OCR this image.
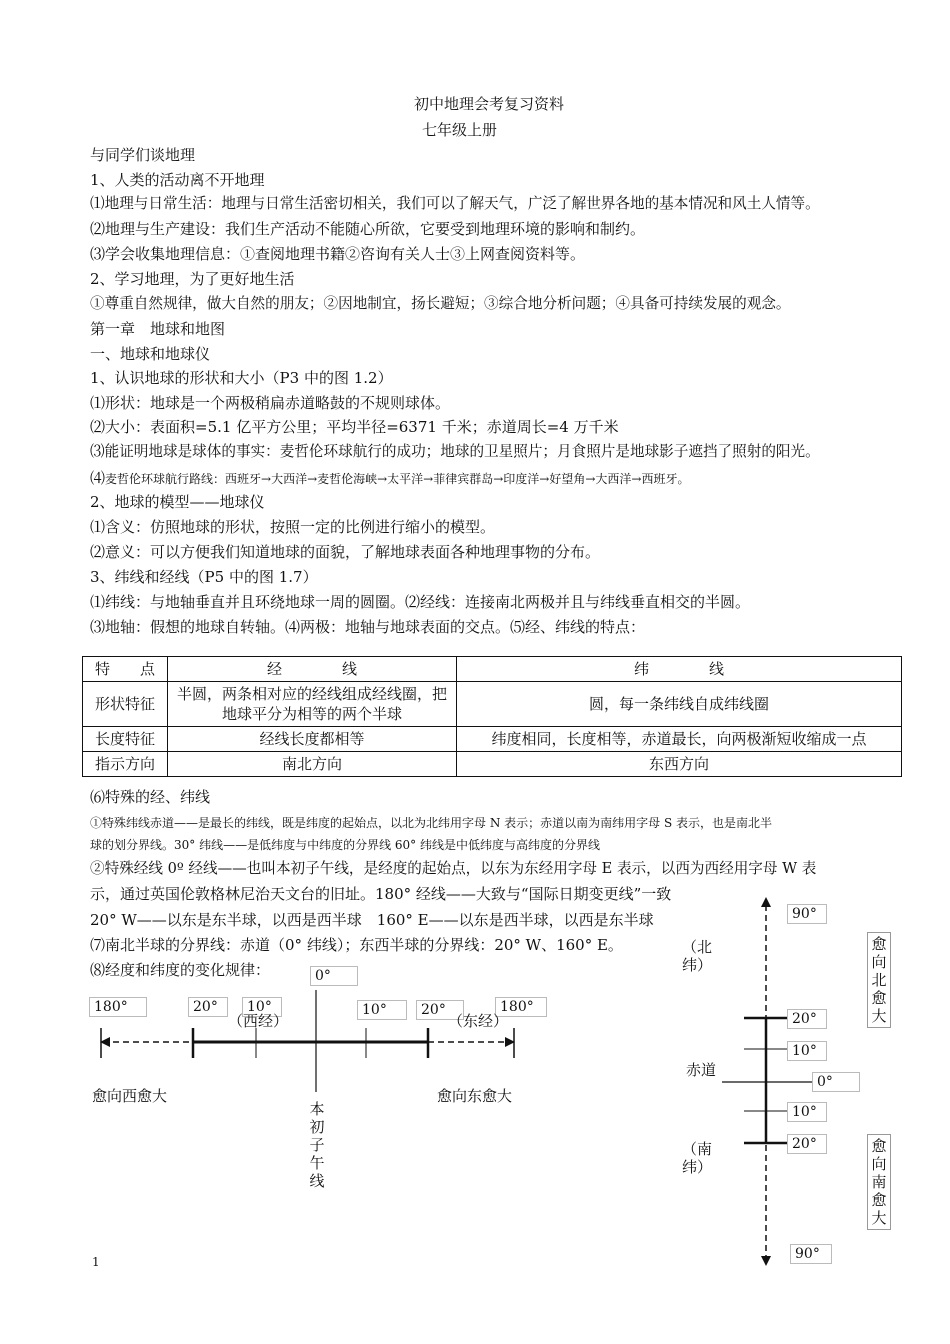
初中地理会考复习资料
七年级上册
与同学们谈地理
1、人类的活动离不开地理
⑴地理与日常生活：地理与日常生活密切相关，我们可以了解天气，广泛了解世界各地的基本情况和风土人情等。
⑵地理与生产建设：我们生产活动不能随心所欲，它要受到地理环境的影响和制约。
⑶学会收集地理信息：①查阅地理书籍②咨询有关人士③上网查阅资料等。
2、学习地理，为了更好地生活
①尊重自然规律，做大自然的朋友；②因地制宜，扬长避短；③综合地分析问题；④具备可持续发展的观念。
第一章　地球和地图
一、地球和地球仪
1、认识地球的形状和大小（P3 中的图 1.2）
⑴形状：地球是一个两极稍扁赤道略鼓的不规则球体。
⑵大小：表面积=5.1 亿平方公里；平均半径=6371 千米；赤道周长=4 万千米
⑶能证明地球是球体的事实：麦哲伦环球航行的成功；地球的卫星照片；月食照片是地球影子遮挡了照射的阳光。
⑷麦哲伦环球航行路线：西班牙→大西洋→麦哲伦海峡→太平洋→菲律宾群岛→印度洋→好望角→大西洋→西班牙。
2、地球的模型——地球仪
⑴含义：仿照地球的形状，按照一定的比例进行缩小的模型。
⑵意义：可以方便我们知道地球的面貌，了解地球表面各种地理事物的分布。
3、纬线和经线（P5 中的图 1.7）
⑴纬线：与地轴垂直并且环绕地球一周的圆圈。⑵经线：连接南北两极并且与纬线垂直相交的半圆。
⑶地轴：假想的地球自转轴。⑷两极：地轴与地球表面的交点。⑸经、纬线的特点：
特　　点	经　　　　线	纬　　　　线
形状特征	半圆，两条相对应的经线组成经线圈，把地球平分为相等的两个半球	圆，每一条纬线自成纬线圈
长度特征	经线长度都相等	纬度相同，长度相等，赤道最长，向两极渐短收缩成一点
指示方向	南北方向	东西方向
⑹特殊的经、纬线
①特殊纬线赤道——是最长的纬线，既是纬度的起始点，以北为北纬用字母 N 表示；赤道以南为南纬用字母 S 表示，也是南北半
球的划分界线。30° 纬线——是低纬度与中纬度的分界线 60° 纬线是中低纬度与高纬度的分界线
②特殊经线 0º 经线——也叫本初子午线，是经度的起始点，以东为东经用字母 E 表示，以西为西经用字母 W 表
示，通过英国伦敦格林尼治天文台的旧址。180° 经线——大致与“国际日期变更线”一致
20° W——以东是东半球，以西是西半球　160° E——以东是西半球，以西是东半球
⑺南北半球的分界线：赤道（0° 纬线）；东西半球的分界线：20° W、160° E。
⑻经度和纬度的变化规律：
180°	20°	10°
0°
10°	20°	180°
（西经）	（东经）
愈向西愈大	愈向东愈大
本初子午线
90°
20°
10°
0°
10°
20°
90°
（北纬）
（南纬）
赤道
愈向北愈大
愈向南愈大
1
